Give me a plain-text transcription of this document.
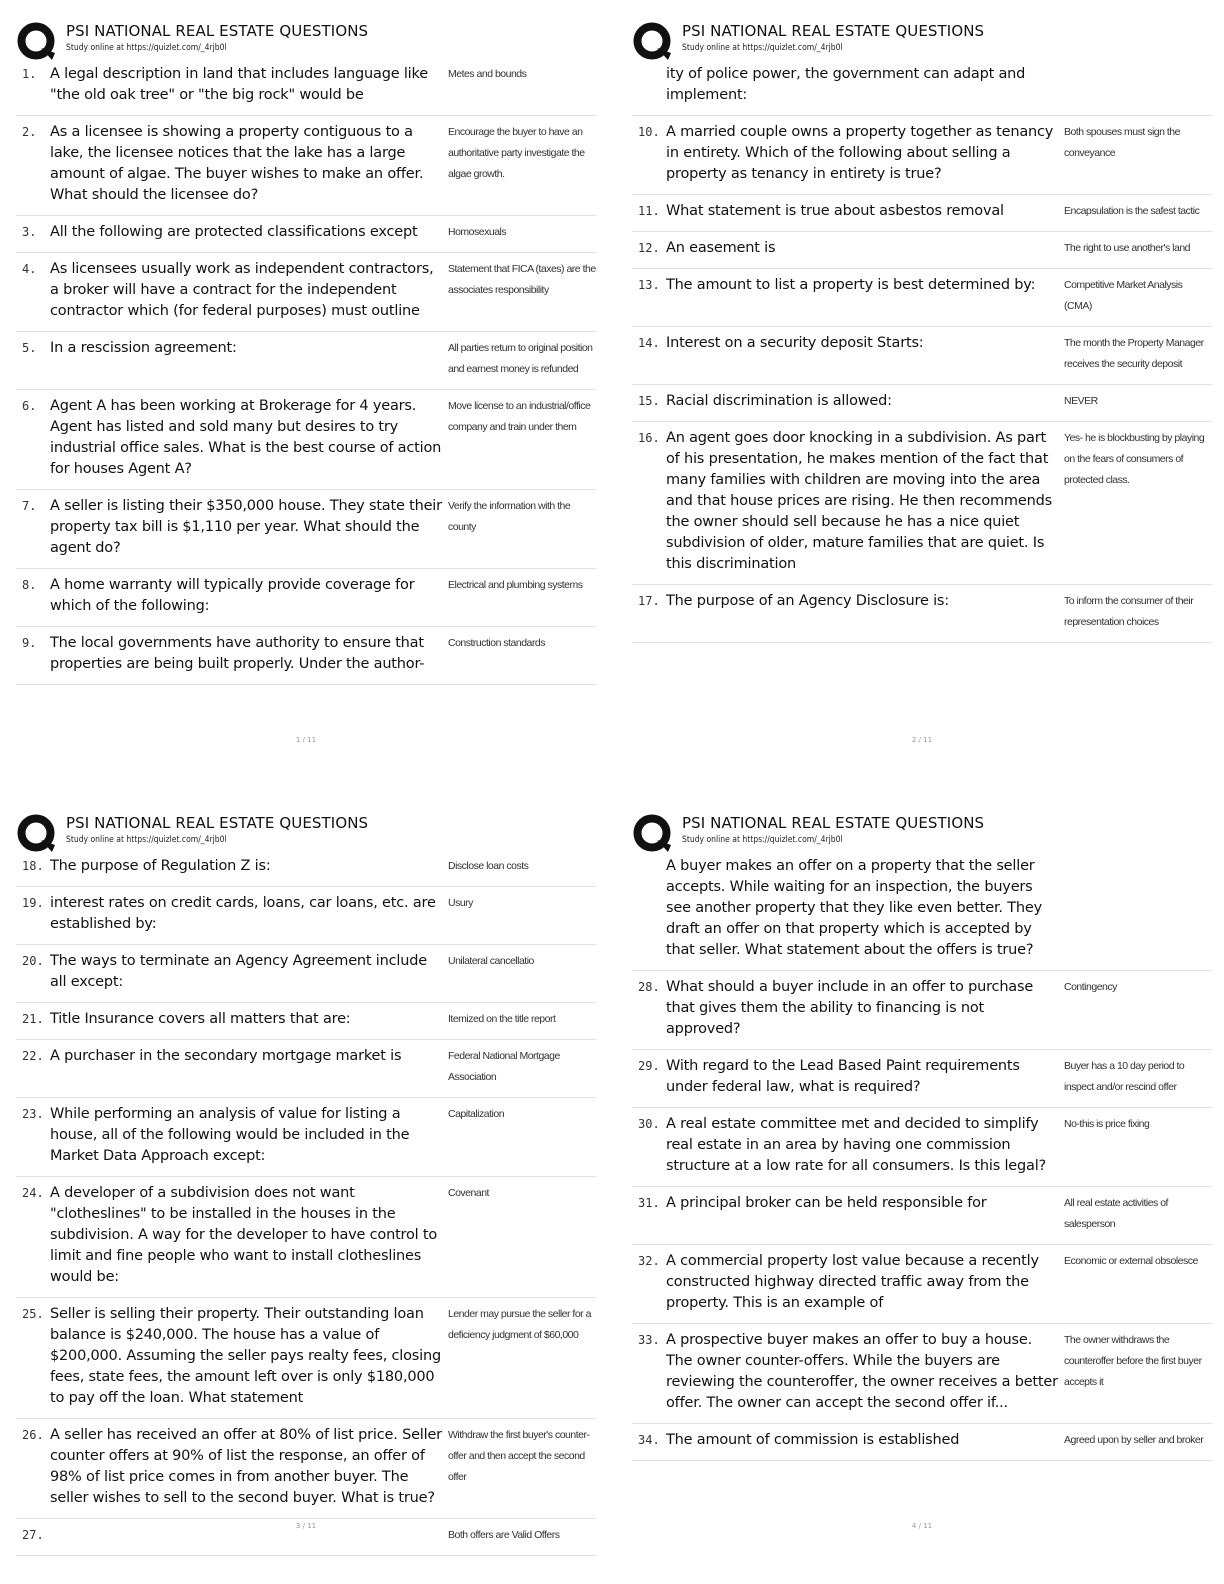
PSI NATIONAL REAL ESTATE QUESTIONS
Study online at https://quizlet.com/_4rjb0l
1. A legal description in land that includes language like "the old oak tree" or "the big rock" would be
Metes and bounds
2. As a licensee is showing a property contiguous to a lake, the licensee notices that the lake has a large amount of algae. The buyer wishes to make an offer. What should the licensee do?
Encourage the buyer to have an authoritative party investigate the algae growth.
3. All the following are protected classifications except	Homosexuals
4. As licensees usually work as independent contractors, a broker will have a contract for the independent contractor which (for federal purposes) must outline
Statement that FICA (taxes) are the associates responsibility
5. In a rescission agreement:	All parties return to original position and earnest money is refunded
6. Agent A has been working at Brokerage for 4 years. Agent has listed and sold many but desires to try industrial office sales. What is the best course of action for houses Agent A?
Move license to an industrial/office company and train under them
7. A seller is listing their $350,000 house. They state their property tax bill is $1,110 per year. What should the agent do?
Verify the information with the county
8. A home warranty will typically provide coverage for which of the following:
Electrical and plumbing systems
9. The local governments have authority to ensure that properties are being built properly. Under the author-
Construction standards
1 / 11
PSI NATIONAL REAL ESTATE QUESTIONS
Study online at https://quizlet.com/_4rjb0l
ity of police power, the government can adapt and implement:
10. A married couple owns a property together as tenancy in entirety. Which of the following about selling a property as tenancy in entirety is true?
Both spouses must sign the conveyance
11. What statement is true about asbestos removal	Encapsulation is the safest tactic
12. An easement is	The right to use another's land
13. The amount to list a property is best determined by:	Competitive Market Analysis (CMA)
14. Interest on a security deposit Starts:	The month the Property Manager receives the security deposit
15. Racial discrimination is allowed:	NEVER
16. An agent goes door knocking in a subdivision. As part of his presentation, he makes mention of the fact that many families with children are moving into the area and that house prices are rising. He then recommends the owner should sell because he has a nice quiet subdivision of older, mature families that are quiet. Is this discrimination
Yes- he is blockbusting by playing on the fears of consumers of protected class.
17. The purpose of an Agency Disclosure is:	To inform the consumer of their representation choices
2 / 11
PSI NATIONAL REAL ESTATE QUESTIONS
Study online at https://quizlet.com/_4rjb0l
18. The purpose of Regulation Z is:	Disclose loan costs
19. interest rates on credit cards, loans, car loans, etc. are established by:
Usury
20. The ways to terminate an Agency Agreement include all except:
Unilateral cancellatio
21. Title Insurance covers all matters that are:	Itemized on the title report
22. A purchaser in the secondary mortgage market is	Federal National Mortgage Association
23. While performing an analysis of value for listing a house, all of the following would be included in the Market Data Approach except:
Capitalization
24. A developer of a subdivision does not want "clotheslines" to be installed in the houses in the subdivision. A way for the developer to have control to limit and fine people who want to install clotheslines would be:
Covenant
25. Seller is selling their property. Their outstanding loan balance is $240,000. The house has a value of $200,000. Assuming the seller pays realty fees, closing fees, state fees, the amount left over is only $180,000 to pay off the loan. What statement
Lender may pursue the seller for a deficiency judgment of $60,000
26. A seller has received an offer at 80% of list price. Seller counter offers at 90% of list the response, an offer of 98% of list price comes in from another buyer. The seller wishes to sell to the second buyer. What is true?
Withdraw the first buyer's counter-offer and then accept the second offer
27.	Both offers are Valid Offers
3 / 11
PSI NATIONAL REAL ESTATE QUESTIONS
Study online at https://quizlet.com/_4rjb0l
A buyer makes an offer on a property that the seller accepts. While waiting for an inspection, the buyers see another property that they like even better. They draft an offer on that property which is accepted by that seller. What statement about the offers is true?
28. What should a buyer include in an offer to purchase that gives them the ability to financing is not approved?
Contingency
29. With regard to the Lead Based Paint requirements under federal law, what is required?
Buyer has a 10 day period to inspect and/or rescind offer
30. A real estate committee met and decided to simplify real estate in an area by having one commission structure at a low rate for all consumers. Is this legal?
No-this is price fixing
31. A principal broker can be held responsible for	All real estate activities of salesperson
32. A commercial property lost value because a recently constructed highway directed traffic away from the property. This is an example of
Economic or external obsolesce
33. A prospective buyer makes an offer to buy a house. The owner counter-offers. While the buyers are reviewing the counteroffer, the owner receives a better offer. The owner can accept the second offer if...
The owner withdraws the counteroffer before the first buyer accepts it
34. The amount of commission is established	Agreed upon by seller and broker
4 / 11
